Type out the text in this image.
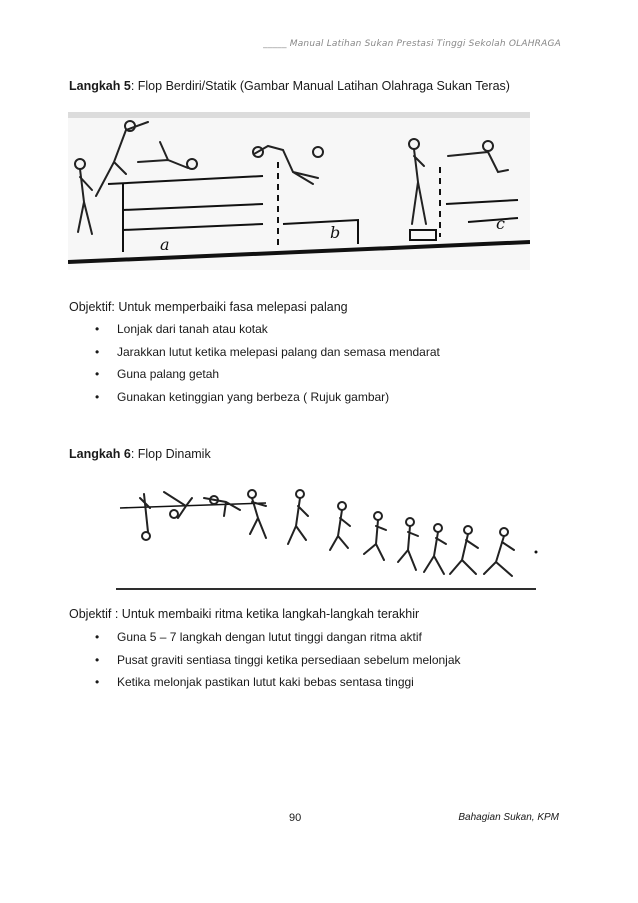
_____ Manual Latihan Sukan Prestasi Tinggi Sekolah OLAHRAGA
Langkah 5: Flop Berdiri/Statik (Gambar Manual Latihan Olahraga Sukan Teras)
a
b	c
Objektif: Untuk memperbaiki fasa melepasi palang
• Lonjak dari tanah atau kotak
• Jarakkan lutut ketika melepasi palang dan semasa mendarat
• Guna palang getah
• Gunakan ketinggian yang berbeza ( Rujuk gambar)
Langkah 6: Flop Dinamik
Objektif : Untuk membaiki ritma ketika langkah-langkah terakhir
• Guna 5 – 7 langkah dengan lutut tinggi dangan ritma aktif
• Pusat graviti sentiasa tinggi ketika persediaan sebelum melonjak
• Ketika melonjak pastikan lutut kaki bebas sentasa tinggi
90	Bahagian Sukan, KPM
